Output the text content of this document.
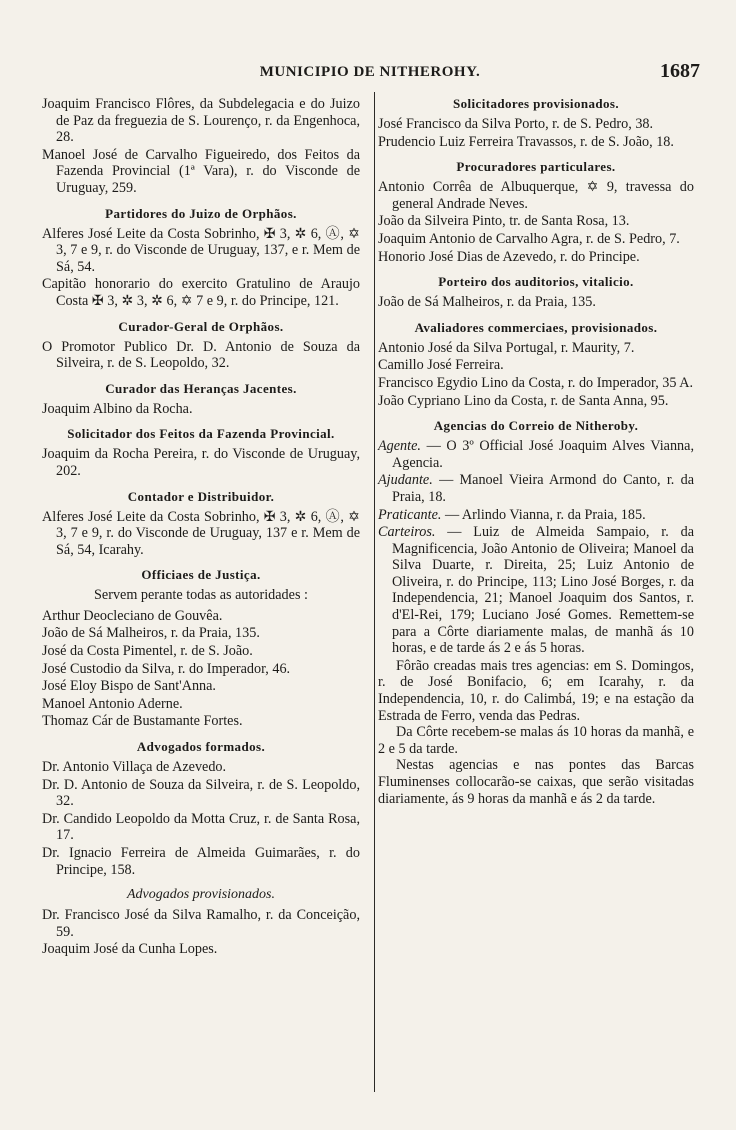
MUNICIPIO DE NITHEROHY.	1687
Joaquim Francisco Flôres, da Subdelegacia e do Juizo de Paz da freguezia de S. Lourenço, r. da Engenhoca, 28.
Manoel José de Carvalho Figueiredo, dos Feitos da Fazenda Provincial (1ª Vara), r. do Visconde de Uruguay, 259.
Partidores do Juizo de Orphãos.
Alferes José Leite da Costa Sobrinho, ✠ 3, ✲ 6, Ⓐ, ✡ 3, 7 e 9, r. do Visconde de Uruguay, 137, e r. Mem de Sá, 54.
Capitão honorario do exercito Gratulino de Araujo Costa ✠ 3, ✲ 3, ✲ 6, ✡ 7 e 9, r. do Principe, 121.
Curador-Geral de Orphãos.
O Promotor Publico Dr. D. Antonio de Souza da Silveira, r. de S. Leopoldo, 32.
Curador das Heranças Jacentes.
Joaquim Albino da Rocha.
Solicitador dos Feitos da Fazenda Provincial.
Joaquim da Rocha Pereira, r. do Visconde de Uruguay, 202.
Contador e Distribuidor.
Alferes José Leite da Costa Sobrinho, ✠ 3, ✲ 6, Ⓐ, ✡ 3, 7 e 9, r. do Visconde de Uruguay, 137 e r. Mem de Sá, 54, Icarahy.
Officiaes de Justiça.
Servem perante todas as autoridades :
Arthur Deocleciano de Gouvêa.
João de Sá Malheiros, r. da Praia, 135.
José da Costa Pimentel, r. de S. João.
José Custodio da Silva, r. do Imperador, 46.
José Eloy Bispo de Sant'Anna.
Manoel Antonio Aderne.
Thomaz Cár de Bustamante Fortes.
Advogados formados.
Dr. Antonio Villaça de Azevedo.
Dr. D. Antonio de Souza da Silveira, r. de S. Leopoldo, 32.
Dr. Candido Leopoldo da Motta Cruz, r. de Santa Rosa, 17.
Dr. Ignacio Ferreira de Almeida Guimarães, r. do Principe, 158.
Advogados provisionados.
Dr. Francisco José da Silva Ramalho, r. da Conceição, 59.
Joaquim José da Cunha Lopes.
Solicitadores provisionados.
José Francisco da Silva Porto, r. de S. Pedro, 38.
Prudencio Luiz Ferreira Travassos, r. de S. João, 18.
Procuradores particulares.
Antonio Corrêa de Albuquerque, ✡ 9, travessa do general Andrade Neves.
João da Silveira Pinto, tr. de Santa Rosa, 13.
Joaquim Antonio de Carvalho Agra, r. de S. Pedro, 7.
Honorio José Dias de Azevedo, r. do Principe.
Porteiro dos auditorios, vitalicio.
João de Sá Malheiros, r. da Praia, 135.
Avaliadores commerciaes, provisionados.
Antonio José da Silva Portugal, r. Maurity, 7.
Camillo José Ferreira.
Francisco Egydio Lino da Costa, r. do Imperador, 35 A.
João Cypriano Lino da Costa, r. de Santa Anna, 95.
Agencias do Correio de Nitheroby.
Agente. — O 3º Official José Joaquim Alves Vianna, Agencia.
Ajudante. — Manoel Vieira Armond do Canto, r. da Praia, 18.
Praticante. — Arlindo Vianna, r. da Praia, 185.
Carteiros. — Luiz de Almeida Sampaio, r. da Magnificencia, João Antonio de Oliveira; Manoel da Silva Duarte, r. Direita, 25; Luiz Antonio de Oliveira, r. do Principe, 113; Lino José Borges, r. da Independencia, 21; Manoel Joaquim dos Santos, r. d'El-Rei, 179; Luciano José Gomes. Remettem-se para a Côrte diariamente malas, de manhã ás 10 horas, e de tarde ás 2 e ás 5 horas.
Fôrão creadas mais tres agencias: em S. Domingos, r. de José Bonifacio, 6; em Icarahy, r. da Independencia, 10, r. do Calimbá, 19; e na estação da Estrada de Ferro, venda das Pedras.
Da Côrte recebem-se malas ás 10 horas da manhã, e 2 e 5 da tarde.
Nestas agencias e nas pontes das Barcas Fluminenses collocarão-se caixas, que serão visitadas diariamente, ás 9 horas da manhã e ás 2 da tarde.
